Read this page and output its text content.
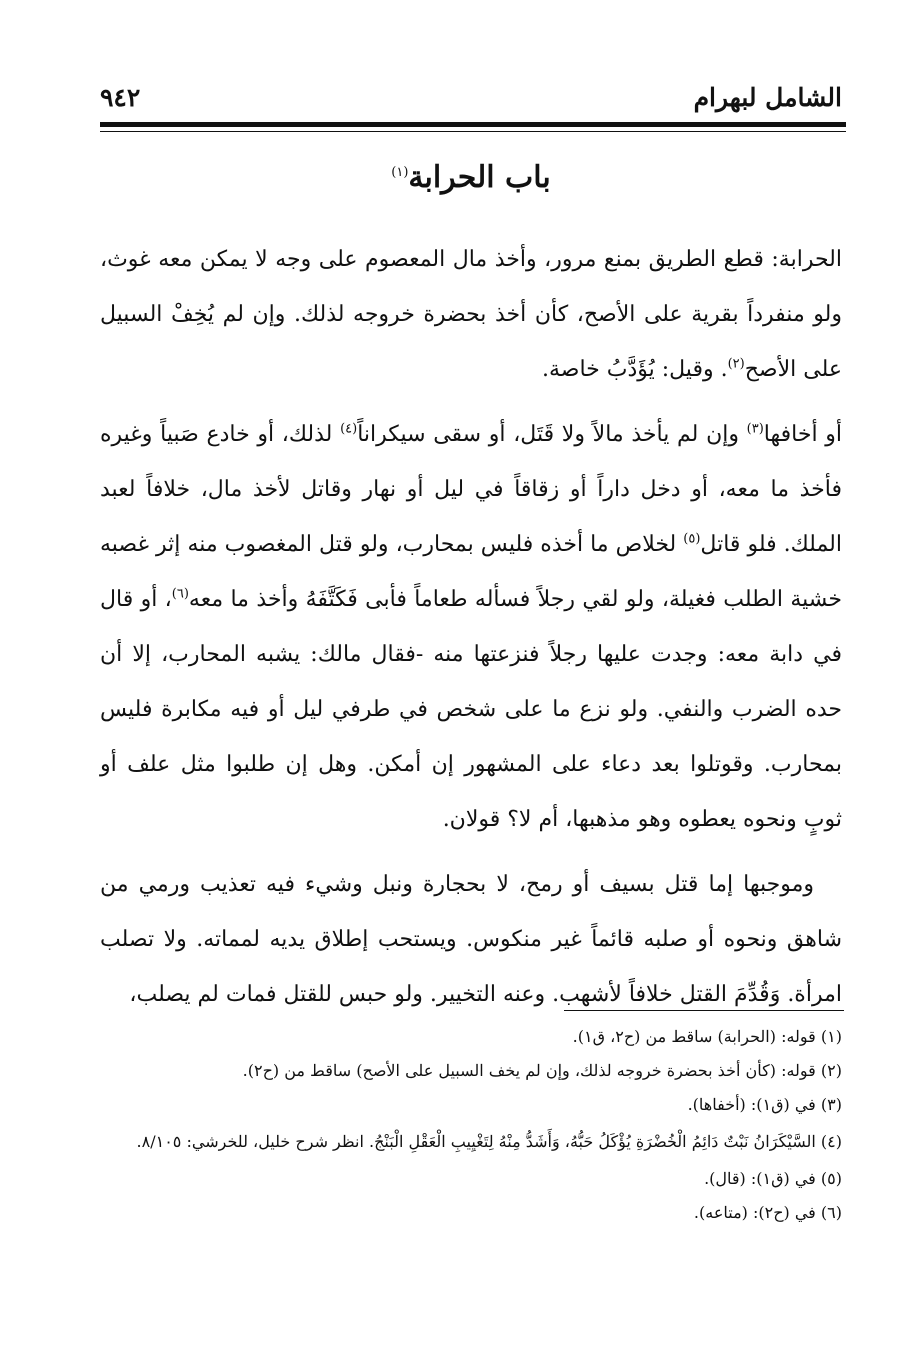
الشامل لبهرام
٩٤٢
باب الحرابة$^{(١)}$

الحرابة: قطع الطريق بمنع مرور، وأخذ مال المعصوم على وجه لا يمكن معه غوث، ولو منفرداً بقرية على الأصح، كأن أخذ بحضرة خروجه لذلك. وإن لم يُخِفْ السبيل على الأصح$^{(٢)}$. وقيل: يُؤَدَّبُ خاصة.

أو أخافها$^{(٣)}$ وإن لم يأخذ مالاً ولا قَتَل، أو سقى سيكراناً$^{(٤)}$ لذلك، أو خادع صَبياً وغيره فأخذ ما معه، أو دخل داراً أو زقاقاً في ليل أو نهار وقاتل لأخذ مال، خلافاً لعبد الملك. فلو قاتل$^{(٥)}$ لخلاص ما أخذه فليس بمحارب، ولو قتل المغصوب منه إثر غصبه خشية الطلب فغيلة، ولو لقي رجلاً فسأله طعاماً فأبى فَكَتَّفَهُ وأخذ ما معه$^{(٦)}$، أو قال في دابة معه: وجدت عليها رجلاً فنزعتها منه -فقال مالك: يشبه المحارب، إلا أن حده الضرب والنفي. ولو نزع ما على شخص في طرفي ليل أو فيه مكابرة فليس بمحارب. وقوتلوا بعد دعاء على المشهور إن أمكن. وهل إن طلبوا مثل علف أو ثوبٍ ونحوه يعطوه وهو مذهبها، أم لا؟ قولان.

وموجبها إما قتل بسيف أو رمح، لا بحجارة ونبل وشيء فيه تعذيب ورمي من شاهق ونحوه أو صلبه قائماً غير منكوس. ويستحب إطلاق يديه لمماته. ولا تصلب امرأة. وَقُدِّمَ القتل خلافاً لأشهب. وعنه التخيير. ولو حبس للقتل فمات لم يصلب،

(١) قوله: (الحرابة) ساقط من (ح٢، ق١).

(٢) قوله: (كأن أخذ بحضرة خروجه لذلك، وإن لم يخف السبيل على الأصح) ساقط من (ح٢).

(٣) في (ق١): (أخفاها).

(٤) السَّيْكَرَانُ نَبْتٌ دَائِمُ الْخُضْرَةِ يُؤْكَلُ حَبُّهُ، وَأَشَدُّ مِنْهُ لِتَغْيِيبِ الْعَقْلِ الْبَنْجُ. انظر شرح خليل، للخرشي: ٨/١٠٥.

(٥) في (ق١): (قال).

(٦) في (ح٢): (متاعه).
